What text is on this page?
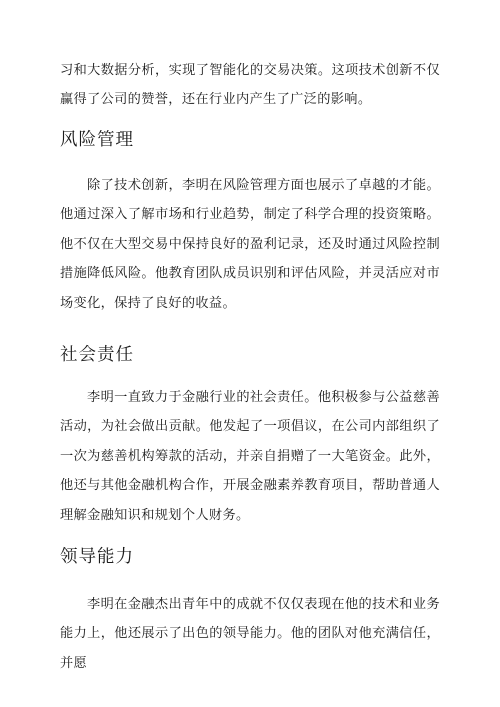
习和大数据分析，实现了智能化的交易决策。这项技术创新不仅赢得了公司的赞誉，还在行业内产生了广泛的影响。

风险管理

除了技术创新，李明在风险管理方面也展示了卓越的才能。他通过深入了解市场和行业趋势，制定了科学合理的投资策略。他不仅在大型交易中保持良好的盈利记录，还及时通过风险控制措施降低风险。他教育团队成员识别和评估风险，并灵活应对市场变化，保持了良好的收益。

社会责任

李明一直致力于金融行业的社会责任。他积极参与公益慈善活动，为社会做出贡献。他发起了一项倡议，在公司内部组织了一次为慈善机构筹款的活动，并亲自捐赠了一大笔资金。此外，他还与其他金融机构合作，开展金融素养教育项目，帮助普通人理解金融知识和规划个人财务。

领导能力

李明在金融杰出青年中的成就不仅仅表现在他的技术和业务能力上，他还展示了出色的领导能力。他的团队对他充满信任，并愿
